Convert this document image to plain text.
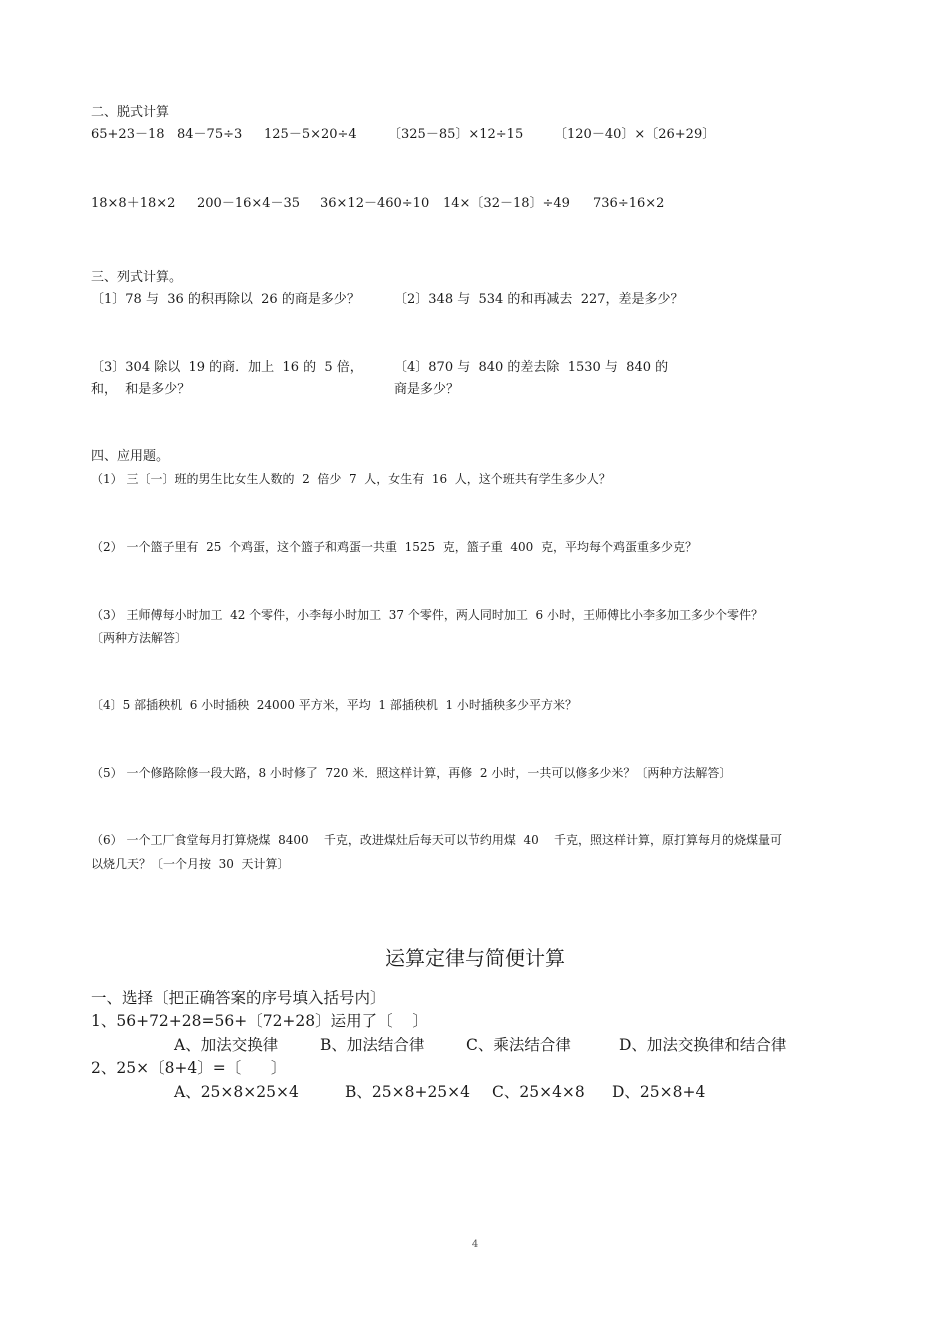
二、脱式计算
65+23－18 84－75÷3 125－5×20÷4 〔325－85〕×12÷15 〔120－40〕×〔26+29〕
18×8＋18×2 200－16×4－35 36×12－460÷10 14×〔32－18〕÷49 736÷16×2
三、列式计算。
〔1〕78 与  36 的积再除以  26 的商是多少？	〔2〕348 与  534 的和再减去  227，差是多少？
〔3〕304 除以  19 的商．加上  16 的  5 倍，
和，  和是多少？
〔4〕870 与  840 的差去除  1530 与  840 的
商是多少？
四、应用题。
（1） 三〔一〕班的男生比女生人数的  2  倍少  7  人，女生有  16  人，这个班共有学生多少人？
（2） 一个篮子里有  25  个鸡蛋，这个篮子和鸡蛋一共重  1525  克，篮子重  400  克，平均每个鸡蛋重多少克？
（3） 王师傅每小时加工  42 个零件，小李每小时加工  37 个零件，两人同时加工  6 小时，王师傅比小李多加工多少个零件？
〔两种方法解答〕
〔4〕5 部插秧机  6 小时插秧  24000 平方米，平均  1 部插秧机  1 小时插秧多少平方米？
（5） 一个修路除修一段大路，8 小时修了  720 米．照这样计算，再修  2 小时，一共可以修多少米？〔两种方法解答〕
（6） 一个工厂食堂每月打算烧煤  8400    千克，改进煤灶后每天可以节约用煤  40    千克，照这样计算，原打算每月的烧煤量可
以烧几天？〔一个月按  30  天计算〕
运算定律与简便计算
一、选择〔把正确答案的序号填入括号内〕
1、56+72+28=56+〔72+28〕运用了〔    〕
A、加法交换律	B、加法结合律	C、乘法结合律	D、加法交换律和结合律
2、25×〔8+4〕=〔      〕
A、25×8×25×4	B、25×8+25×4 C、25×4×8 D、25×8+4
4
